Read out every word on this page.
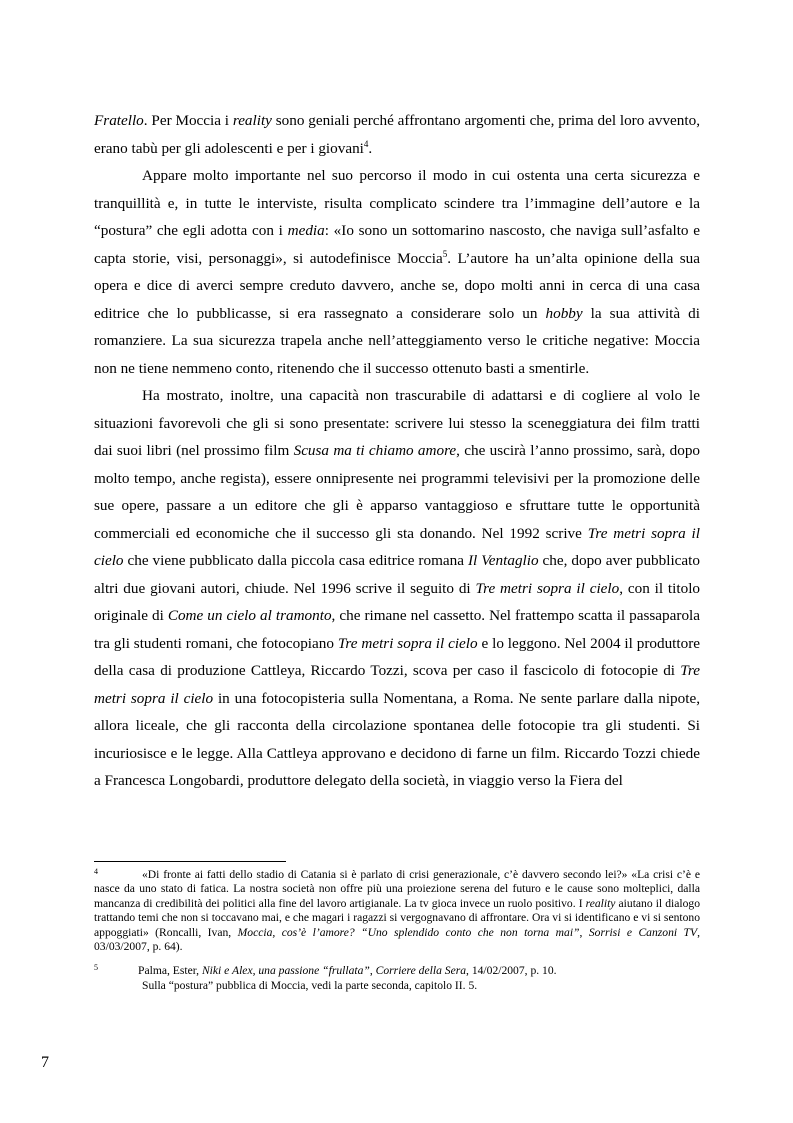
Fratello. Per Moccia i reality sono geniali perché affrontano argomenti che, prima del loro avvento, erano tabù per gli adolescenti e per i giovani$^4$.

Appare molto importante nel suo percorso il modo in cui ostenta una certa sicurezza e tranquillità e, in tutte le interviste, risulta complicato scindere tra l’immagine dell’autore e la “postura” che egli adotta con i media: «Io sono un sottomarino nascosto, che naviga sull’asfalto e capta storie, visi, personaggi», si autodefinisce Moccia$^5$. L’autore ha un’alta opinione della sua opera e dice di averci sempre creduto davvero, anche se, dopo molti anni in cerca di una casa editrice che lo pubblicasse, si era rassegnato a considerare solo un hobby la sua attività di romanziere. La sua sicurezza trapela anche nell’atteggiamento verso le critiche negative: Moccia non ne tiene nemmeno conto, ritenendo che il successo ottenuto basti a smentirle.

Ha mostrato, inoltre, una capacità non trascurabile di adattarsi e di cogliere al volo le situazioni favorevoli che gli si sono presentate: scrivere lui stesso la sceneggiatura dei film tratti dai suoi libri (nel prossimo film Scusa ma ti chiamo amore, che uscirà l’anno prossimo, sarà, dopo molto tempo, anche regista), essere onnipresente nei programmi televisivi per la promozione delle sue opere, passare a un editore che gli è apparso vantaggioso e sfruttare tutte le opportunità commerciali ed economiche che il successo gli sta donando. Nel 1992 scrive Tre metri sopra il cielo che viene pubblicato dalla piccola casa editrice romana Il Ventaglio che, dopo aver pubblicato altri due giovani autori, chiude. Nel 1996 scrive il seguito di Tre metri sopra il cielo, con il titolo originale di Come un cielo al tramonto, che rimane nel cassetto. Nel frattempo scatta il passaparola tra gli studenti romani, che fotocopiano Tre metri sopra il cielo e lo leggono. Nel 2004 il produttore della casa di produzione Cattleya, Riccardo Tozzi, scova per caso il fascicolo di fotocopie di Tre metri sopra il cielo in una fotocopisteria sulla Nomentana, a Roma. Ne sente parlare dalla nipote, allora liceale, che gli racconta della circolazione spontanea delle fotocopie tra gli studenti. Si incuriosisce e le legge. Alla Cattleya approvano e decidono di farne un film. Riccardo Tozzi chiede a Francesca Longobardi, produttore delegato della società, in viaggio verso la Fiera del

$^4$	«Di fronte ai fatti dello stadio di Catania si è parlato di crisi generazionale, c’è davvero secondo lei?» «La crisi c’è e nasce da uno stato di fatica. La nostra società non offre più una proiezione serena del futuro e le cause sono molteplici, dalla mancanza di credibilità dei politici alla fine del lavoro artigianale. La tv gioca invece un ruolo positivo. I reality aiutano il dialogo trattando temi che non si toccavano mai, e che magari i ragazzi si vergognavano di affrontare. Ora vi si identificano e vi si sentono appoggiati» (Roncalli, Ivan, Moccia, cos’è l’amore? “Uno splendido conto che non torna mai”, Sorrisi e Canzoni TV, 03/03/2007, p. 64).

$^5$	Palma, Ester, Niki e Alex, una passione “frullata”, Corriere della Sera, 14/02/2007, p. 10.

Sulla “postura” pubblica di Moccia, vedi la parte seconda, capitolo II. 5.

7
